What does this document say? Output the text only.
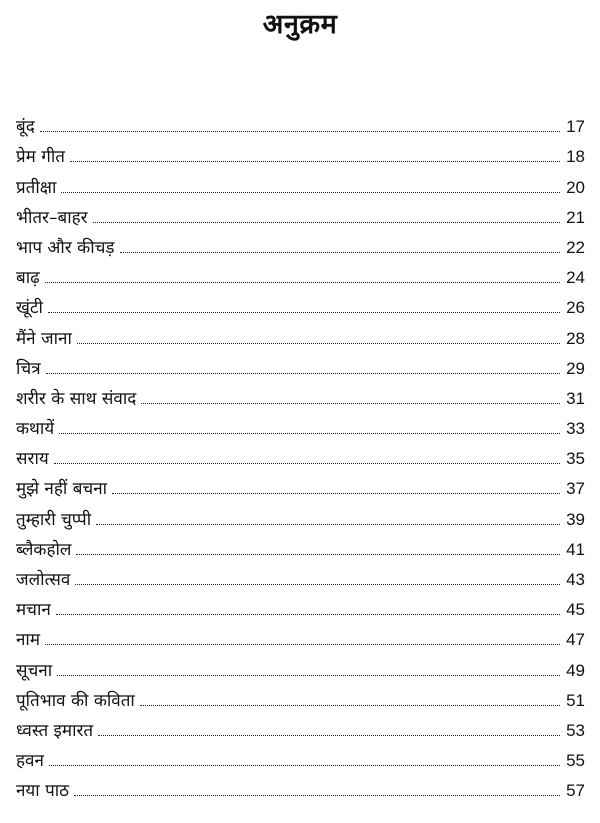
अनुक्रम
बूंद	17
प्रेम गीत	18
प्रतीक्षा	20
भीतर–बाहर	21
भाप और कीचड़	22
बाढ़	24
खूंटी	26
मैंने जाना	28
चित्र	29
शरीर के साथ संवाद	31
कथायें	33
सराय	35
मुझे नहीं बचना	37
तुम्हारी चुप्पी	39
ब्लैकहोल	41
जलोत्सव	43
मचान	45
नाम	47
सूचना	49
पूतिभाव की कविता	51
ध्वस्त इमारत	53
हवन	55
नया पाठ	57
